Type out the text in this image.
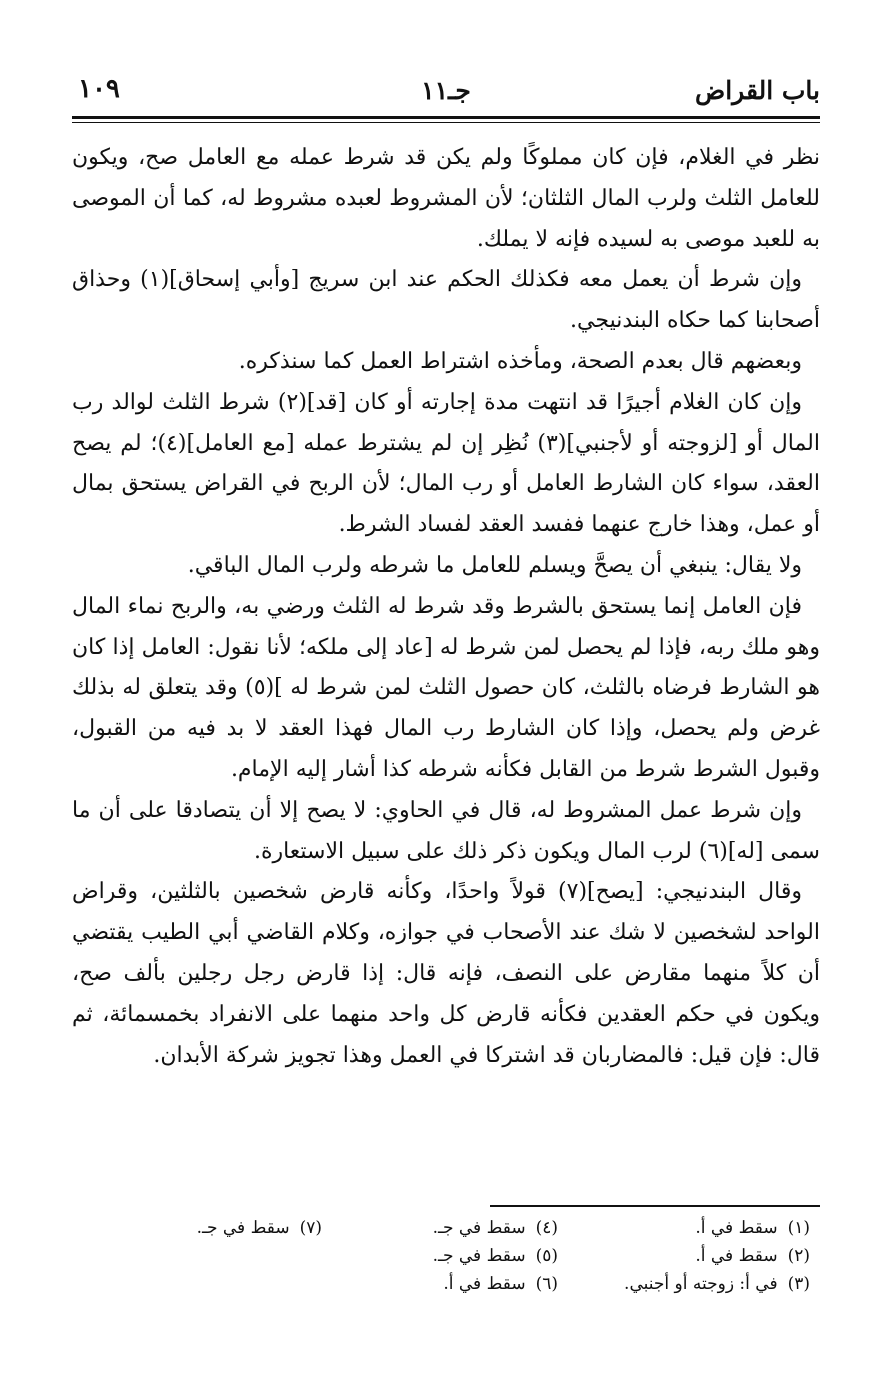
باب القراض
جـ١١
١٠٩

نظر في الغلام، فإن كان مملوكًا ولم يكن قد شرط عمله مع العامل صح، ويكون للعامل الثلث ولرب المال الثلثان؛ لأن المشروط لعبده مشروط له، كما أن الموصى به للعبد موصى به لسيده فإنه لا يملك.

وإن شرط أن يعمل معه فكذلك الحكم عند ابن سريج [وأبي إسحاق](١) وحذاق أصحابنا كما حكاه البندنيجي.

وبعضهم قال بعدم الصحة، ومأخذه اشتراط العمل كما سنذكره.

وإن كان الغلام أجيرًا قد انتهت مدة إجارته أو كان [قد](٢) شرط الثلث لوالد رب المال أو [لزوجته أو لأجنبي](٣) نُظِر إن لم يشترط عمله [مع العامل](٤)؛ لم يصح العقد، سواء كان الشارط العامل أو رب المال؛ لأن الربح في القراض يستحق بمال أو عمل، وهذا خارج عنهما ففسد العقد لفساد الشرط.

ولا يقال: ينبغي أن يصحَّ ويسلم للعامل ما شرطه ولرب المال الباقي.

فإن العامل إنما يستحق بالشرط وقد شرط له الثلث ورضي به، والربح نماء المال وهو ملك ربه، فإذا لم يحصل لمن شرط له [عاد إلى ملكه؛ لأنا نقول: العامل إذا كان هو الشارط فرضاه بالثلث، كان حصول الثلث لمن شرط له ](٥) وقد يتعلق له بذلك غرض ولم يحصل، وإذا كان الشارط رب المال فهذا العقد لا بد فيه من القبول، وقبول الشرط شرط من القابل فكأنه شرطه كذا أشار إليه الإمام.

وإن شرط عمل المشروط له، قال في الحاوي: لا يصح إلا أن يتصادقا على أن ما سمى [له](٦) لرب المال ويكون ذكر ذلك على سبيل الاستعارة.

وقال البندنيجي: [يصح](٧) قولاً واحدًا، وكأنه قارض شخصين بالثلثين، وقراض الواحد لشخصين لا شك عند الأصحاب في جوازه، وكلام القاضي أبي الطيب يقتضي أن كلاً منهما مقارض على النصف، فإنه قال: إذا قارض رجل رجلين بألف صح، ويكون في حكم العقدين فكأنه قارض كل واحد منهما على الانفراد بخمسمائة، ثم قال: فإن قيل: فالمضاربان قد اشتركا في العمل وهذا تجويز شركة الأبدان.

(١)سقط في أ.
(٢)سقط في أ.
(٣)في أ: زوجته أو أجنبي.
(٤)سقط في جـ.
(٥)سقط في جـ.
(٦)سقط في أ.
(٧)سقط في جـ.
